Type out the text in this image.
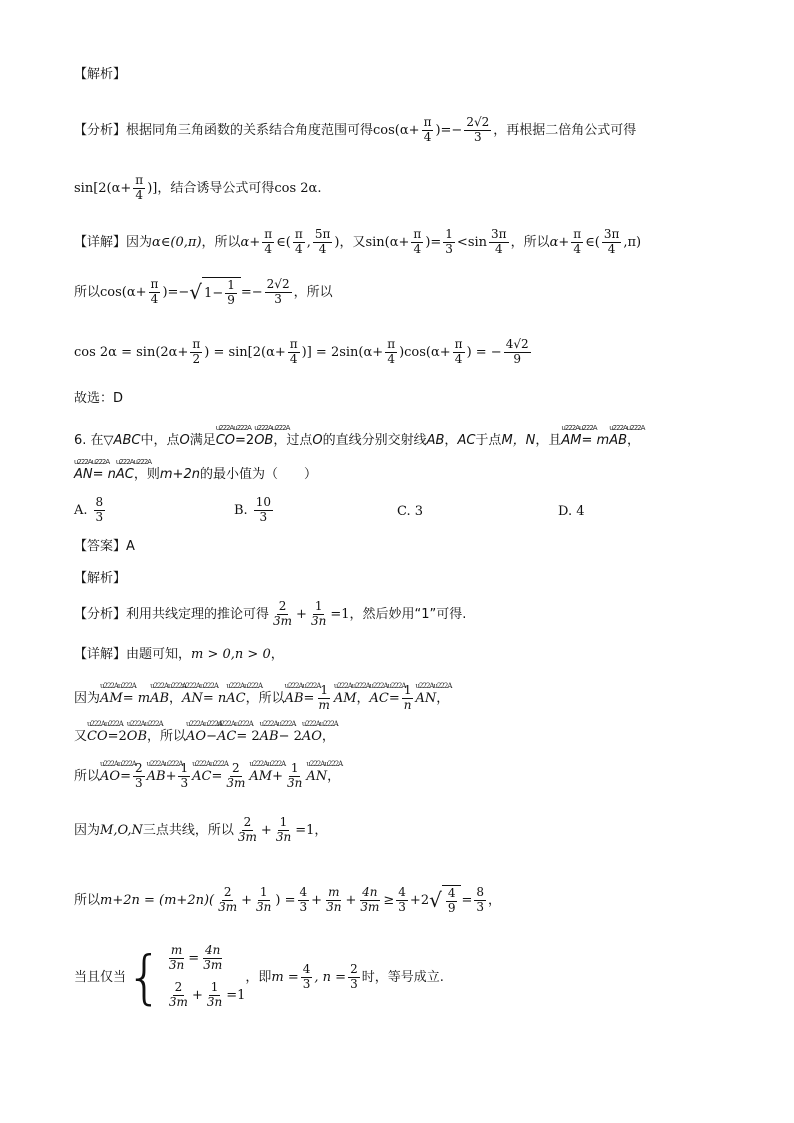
【解析】
【分析】 根据同角三角函数的关系结合角度范围可得 $\cos(\alpha+ \frac{\pi}{4}$ )=− $\frac{2√2}{3}$ ，再根据二倍角公式可得
$\sin[2(\alpha+ \frac{\pi}{4}$ )] ，结合诱导公式可得 cos 2α .
【详解】 因为 α∈(0,π) ，所以 $\alpha+ \frac{\pi}{4}$ ∈( $\frac{\pi}{4}$ , $\frac{5\pi}{4}$ ) ，又 $\sin(\alpha+ \frac{\pi}{4}$ )= $\frac{1}{3} <\sin \frac{3\pi}{4}$ ，所以 $\alpha+ \frac{\pi}{4}$ ∈( $\frac{3\pi}{4} ,\pi$)
所以 $\cos(\alpha+ \frac{\pi}{4}$ )=− √ $1- \frac{1}{9} =- \frac{2√2}{3}$ ，所以
$\cos 2\alpha = \sin(2\alpha+ \frac{\pi}{2}$ ) = $\sin[2(\alpha+ \frac{\pi}{4}$ )] = $2\sin(\alpha+ \frac{\pi}{4} )\cos(\alpha+ \frac{\pi}{4}$ ) = − $\frac{4√2}{9}$
故选：D
6. 在 ▽ABC 中，点 O 满足
u222Au222A CO =2
u222Au222A OB ，过点 O 的直线分别交射线 AB ， AC 于点 M，N ，且
u222Au222A AM = m
u222Au222A AB ，
u222Au222A AN = n
u222Au222A AC ，则 m+2n 的最小值为（　　）
A. $\frac{8}{3}$	B. $\frac{10}{3}$	C. 3	D. 4
【答案】A
【解析】
【分析】 利用共线定理的推论可得 $\frac{2}{3m} + \frac{1}{3n} =1$ ，然后妙用“1”可得.
【详解】 由题可知， m > 0,n > 0 ，
因为
u222Au222A AM = m
u222Au222A AB ，
u222Au222A AN = n
u222Au222A AC ，所以
u222Au222A AB = $\frac{1}{m}$
u222Au222A AM ，
u222Au222A AC = $\frac{1}{n}$
u222Au222A AN ，
又
u222Au222A CO =2
u222Au222A OB ，所以
u222Au222A AO −
u222Au222A AC = 2
u222Au222A AB − 2
u222Au222A AO ，
所以
u222Au222A AO = $\frac{2}{3}$
u222Au222A AB + $\frac{1}{3}$
u222Au222A AC = $\frac{2}{3m}$
u222Au222A AM + $\frac{1}{3n}$
u222Au222A AN ，
因为 M,O,N 三点共线，所以 $\frac{2}{3m} + \frac{1}{3n} =1$ ，
所以 $m+2n = (m+2n)( \frac{2}{3m} + \frac{1}{3n}$ ) = $\frac{4}{3} + \frac{m}{3n} + \frac{4n}{3m} \ge \frac{4}{3} +2$ √ $\frac{4}{9} = \frac{8}{3}$ ，
当且仅当 { $\frac{m}{3n} = \frac{4n}{3m}$
$\frac{2}{3m} + \frac{1}{3n} =1$
，即 $m = \frac{4}{3}$ , $n = \frac{2}{3}$ 时，等号成立.
